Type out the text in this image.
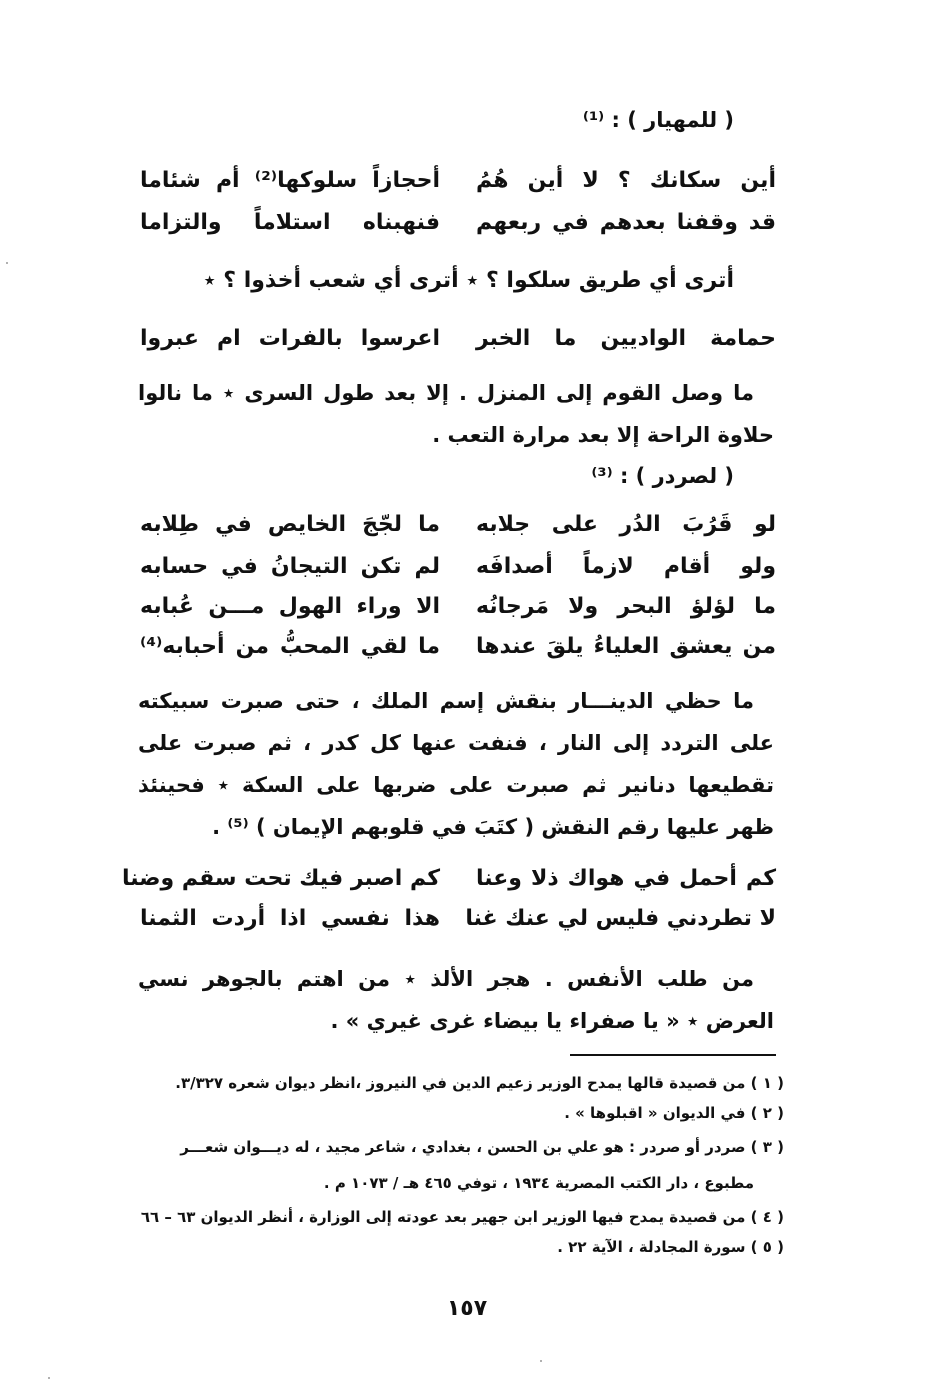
( للمهيار ) : ⁽¹⁾
أين سكانك ؟ لا أين هُمُ
أحجازاً سلوكها⁽²⁾ أم شئاما
قد وقفنا بعدهم في ربعهم
فنهبناه استلاماً والتزاما
أترى أي طريق سلكوا ؟ ٭ أترى أي شعب أخذوا ؟ ٭
حمامة الواديين ما الخبر
اعرسوا بالفرات ام عبروا
ما وصل القوم إلى المنزل . إلا بعد طول السرى ٭ ما نالوا حلاوة الراحة إلا بعد مرارة التعب .
( لصردر ) : ⁽³⁾
لو قَرُبَ الدُر على جلابه
ما لجّجَ الخايص في طِلابه
ولو أقام لازماً أصدافَه
لم تكن التيجانُ في حسابه
ما لؤلؤ البحر ولا مَرجانُه
الا وراء الهول مـــن عُبابه
من يعشق العلياءُ يلقَ عندها
ما لقي المحبُّ من أحبابه⁽⁴⁾
ما حظي الدينـــار بنقش إسم الملك ، حتى صبرت سبيكته على التردد إلى النار ، فنفت عنها كل كدر ، ثم صبرت على تقطيعها دنانير ثم صبرت على ضربها على السكة ٭ فحينئذ ظهر عليها رقم النقش ( كتَبَ في قلوبهم الإيمان ) ⁽⁵⁾ .
كم أحمل في هواك ذلا وعنا
كم اصبر فيك تحت سقم وضنا
لا تطردني فليس لي عنك غنا
هذا نفسي اذا أردت الثمنا
من طلب الأنفس . هجر الألذ ٭ من اهتم بالجوهر نسي العرض ٭ « يا صفراء يا بيضاء غرى غيري » .
( ١ ) من قصيدة قالها يمدح الوزير زعيم الدين في النيروز ،انظر ديوان شعره ٣/٣٢٧.
( ٢ ) في الديوان « اقبلوها » .
( ٣ ) صردر أو صردر : هو علي بن الحسن ، بغدادي ، شاعر مجيد ، له ديـــوان شعـــر
مطبوع ، دار الكتب المصرية ١٩٣٤ ، توفي ٤٦٥ هـ / ١٠٧٣ م .
( ٤ ) من قصيدة يمدح فيها الوزير ابن جهير بعد عودته إلى الوزارة ، أنظر الديوان ٦٣ – ٦٦
( ٥ ) سورة المجادلة ، الآية ٢٢ .
١٥٧
